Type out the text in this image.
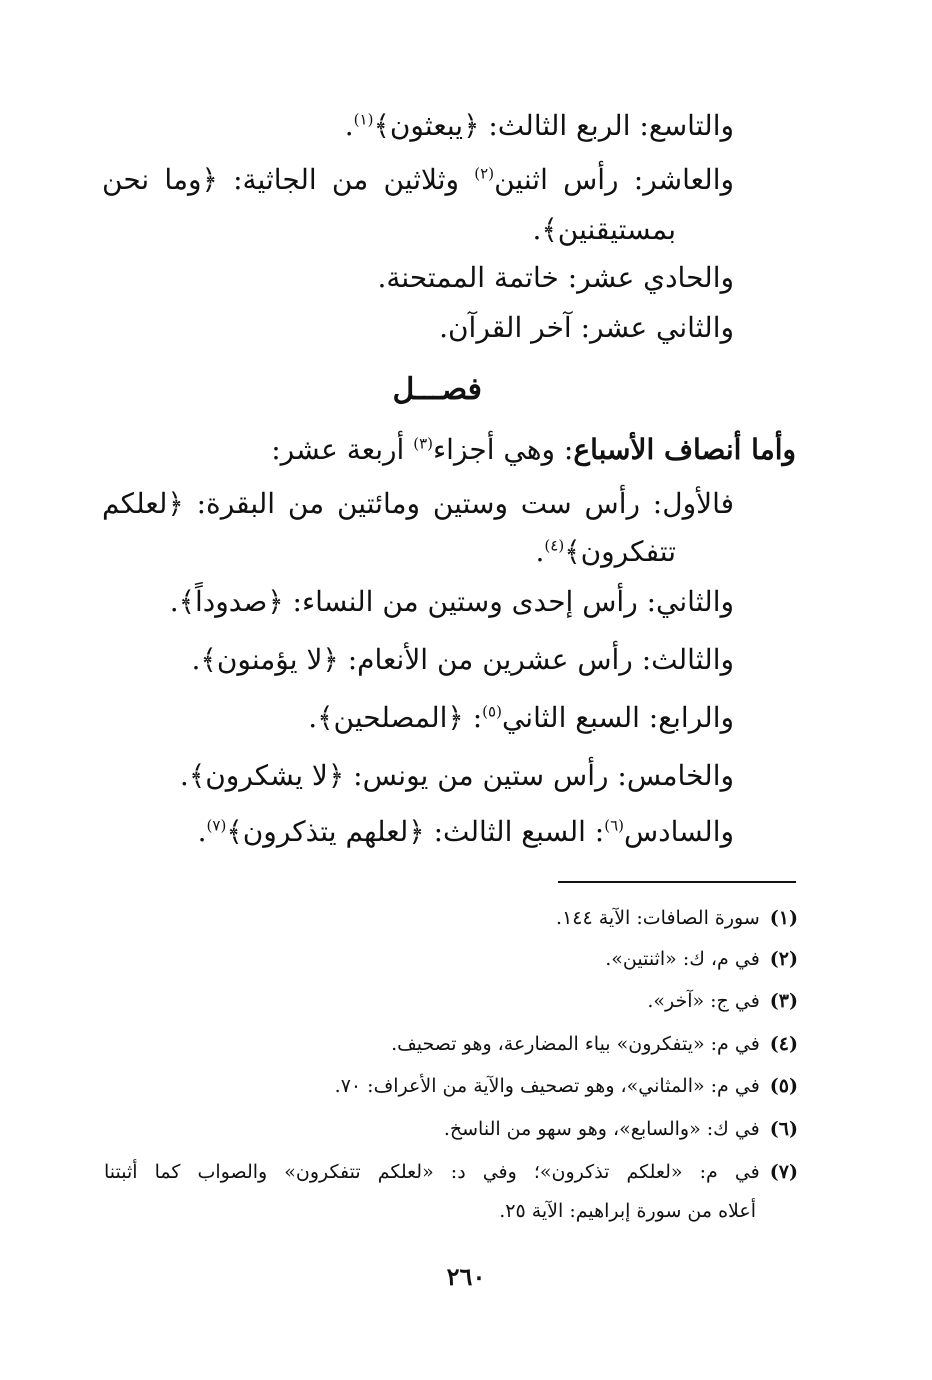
والتاسع: الربع الثالث: ﴿يبعثون﴾$^{(١)}$.
والعاشر: رأس اثنين$^{(٢)}$ وثلاثين من الجاثية: ﴿وما نحن
بمستيقنين﴾.
والحادي عشر: خاتمة الممتحنة.
والثاني عشر: آخر القرآن.
فصـــل
وأما أنصاف الأسباع: وهي أجزاء$^{(٣)}$ أربعة عشر:
فالأول: رأس ست وستين ومائتين من البقرة: ﴿لعلكم
تتفكرون﴾$^{(٤)}$.
والثاني: رأس إحدى وستين من النساء: ﴿صدوداً﴾.
والثالث: رأس عشرين من الأنعام: ﴿لا يؤمنون﴾.
والرابع: السبع الثاني$^{(٥)}$: ﴿المصلحين﴾.
والخامس: رأس ستين من يونس: ﴿لا يشكرون﴾.
والسادس$^{(٦)}$: السبع الثالث: ﴿لعلهم يتذكرون﴾$^{(٧)}$.
(١)سورة الصافات: الآية ١٤٤.
(٢)في م، ك: «اثنتين».
(٣)في ج: «آخر».
(٤)في م: «يتفكرون» بياء المضارعة، وهو تصحيف.
(٥)في م: «المثاني»، وهو تصحيف والآية من الأعراف: ٧٠.
(٦)في ك: «والسابع»، وهو سهو من الناسخ.
(٧)في م: «لعلكم تذكرون»؛ وفي د: «لعلكم تتفكرون» والصواب كما أثبتنا
أعلاه من سورة إبراهيم: الآية ٢٥.
٢٦٠
